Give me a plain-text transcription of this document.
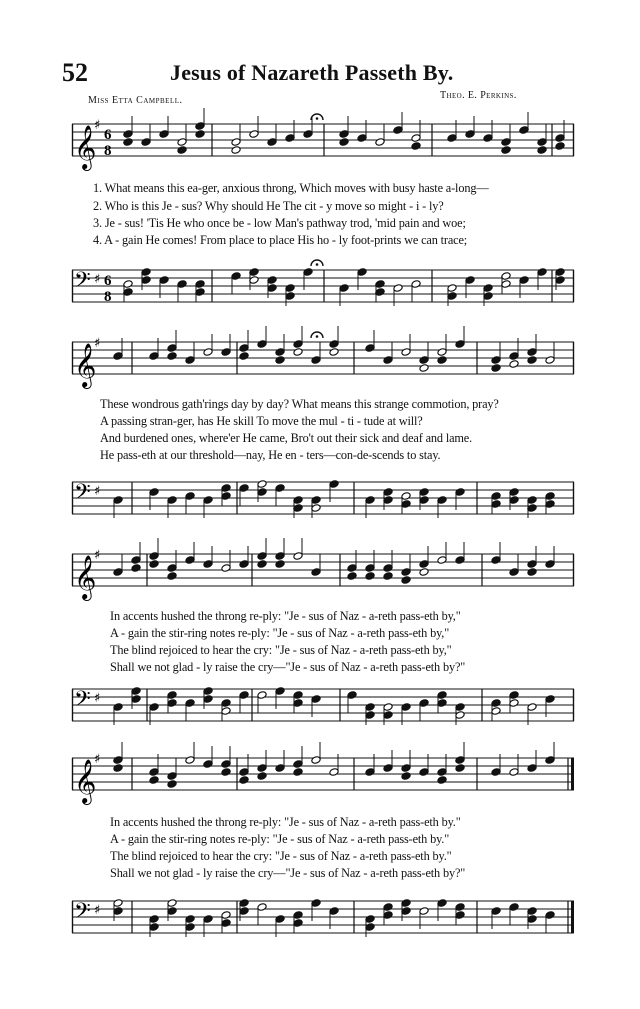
52	Jesus of Nazareth Passeth By.
Miss Etta Campbell.	Theo. E. Perkins.
𝄞
♯
6
8
1. What means this ea-ger, anxious throng, Which moves with busy haste a-long—
2. Who is this Je - sus? Why should He The cit - y move so might - i - ly?
3. Je - sus! 'Tis He who once be - low Man's pathway trod, 'mid pain and woe;
4. A - gain He comes! From place to place His ho - ly foot-prints we can trace;
𝄢 ♯ 6
8
𝄞
♯
These wondrous gath'rings day by day? What means this strange commotion, pray?
A passing stran-ger, has He skill To move the mul - ti - tude at will?
And burdened ones, where'er He came, Bro't out their sick and deaf and lame.
He pass-eth at our threshold—nay, He en - ters—con-de-scends to stay.
𝄢 ♯
𝄞
♯
In accents hushed the throng re-ply: "Je - sus of Naz - a-reth pass-eth by,"
A - gain the stir-ring notes re-ply: "Je - sus of Naz - a-reth pass-eth by,"
The blind rejoiced to hear the cry: "Je - sus of Naz - a-reth pass-eth by,"
Shall we not glad - ly raise the cry—"Je - sus of Naz - a-reth pass-eth by?"
𝄢 ♯
𝄞
♯
In accents hushed the throng re-ply: "Je - sus of Naz - a-reth pass-eth by."
A - gain the stir-ring notes re-ply: "Je - sus of Naz - a-reth pass-eth by."
The blind rejoiced to hear the cry: "Je - sus of Naz - a-reth pass-eth by."
Shall we not glad - ly raise the cry—"Je - sus of Naz - a-reth pass-eth by?"
𝄢 ♯
